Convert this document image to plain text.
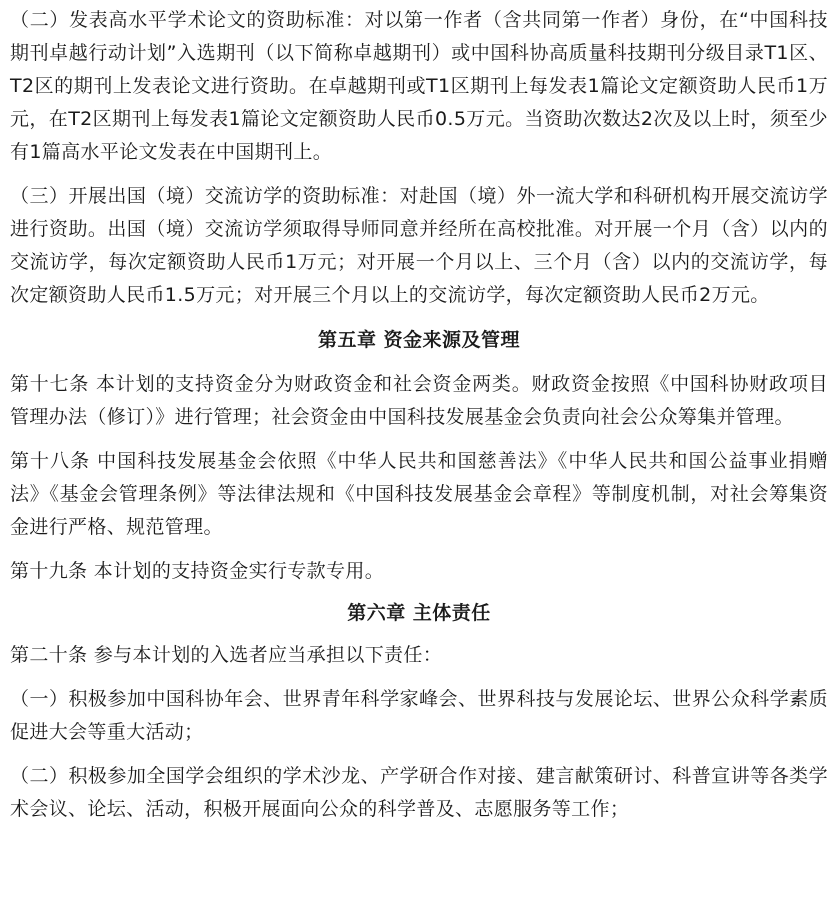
（二）发表高水平学术论文的资助标准：对以第一作者（含共同第一作者）身份，在“中国科技期刊卓越行动计划”入选期刊（以下简称卓越期刊）或中国科协高质量科技期刊分级目录T1区、T2区的期刊上发表论文进行资助。在卓越期刊或T1区期刊上每发表1篇论文定额资助人民币1万元，在T2区期刊上每发表1篇论文定额资助人民币0.5万元。当资助次数达2次及以上时，须至少有1篇高水平论文发表在中国期刊上。

（三）开展出国（境）交流访学的资助标准：对赴国（境）外一流大学和科研机构开展交流访学进行资助。出国（境）交流访学须取得导师同意并经所在高校批准。对开展一个月（含）以内的交流访学，每次定额资助人民币1万元；对开展一个月以上、三个月（含）以内的交流访学，每次定额资助人民币1.5万元；对开展三个月以上的交流访学，每次定额资助人民币2万元。

第五章 资金来源及管理

第十七条 本计划的支持资金分为财政资金和社会资金两类。财政资金按照《中国科协财政项目管理办法（修订）》进行管理；社会资金由中国科技发展基金会负责向社会公众筹集并管理。

第十八条 中国科技发展基金会依照《中华人民共和国慈善法》《中华人民共和国公益事业捐赠法》《基金会管理条例》等法律法规和《中国科技发展基金会章程》等制度机制，对社会筹集资金进行严格、规范管理。

第十九条 本计划的支持资金实行专款专用。

第六章 主体责任

第二十条 参与本计划的入选者应当承担以下责任：

（一）积极参加中国科协年会、世界青年科学家峰会、世界科技与发展论坛、世界公众科学素质促进大会等重大活动；

（二）积极参加全国学会组织的学术沙龙、产学研合作对接、建言献策研讨、科普宣讲等各类学术会议、论坛、活动，积极开展面向公众的科学普及、志愿服务等工作；
